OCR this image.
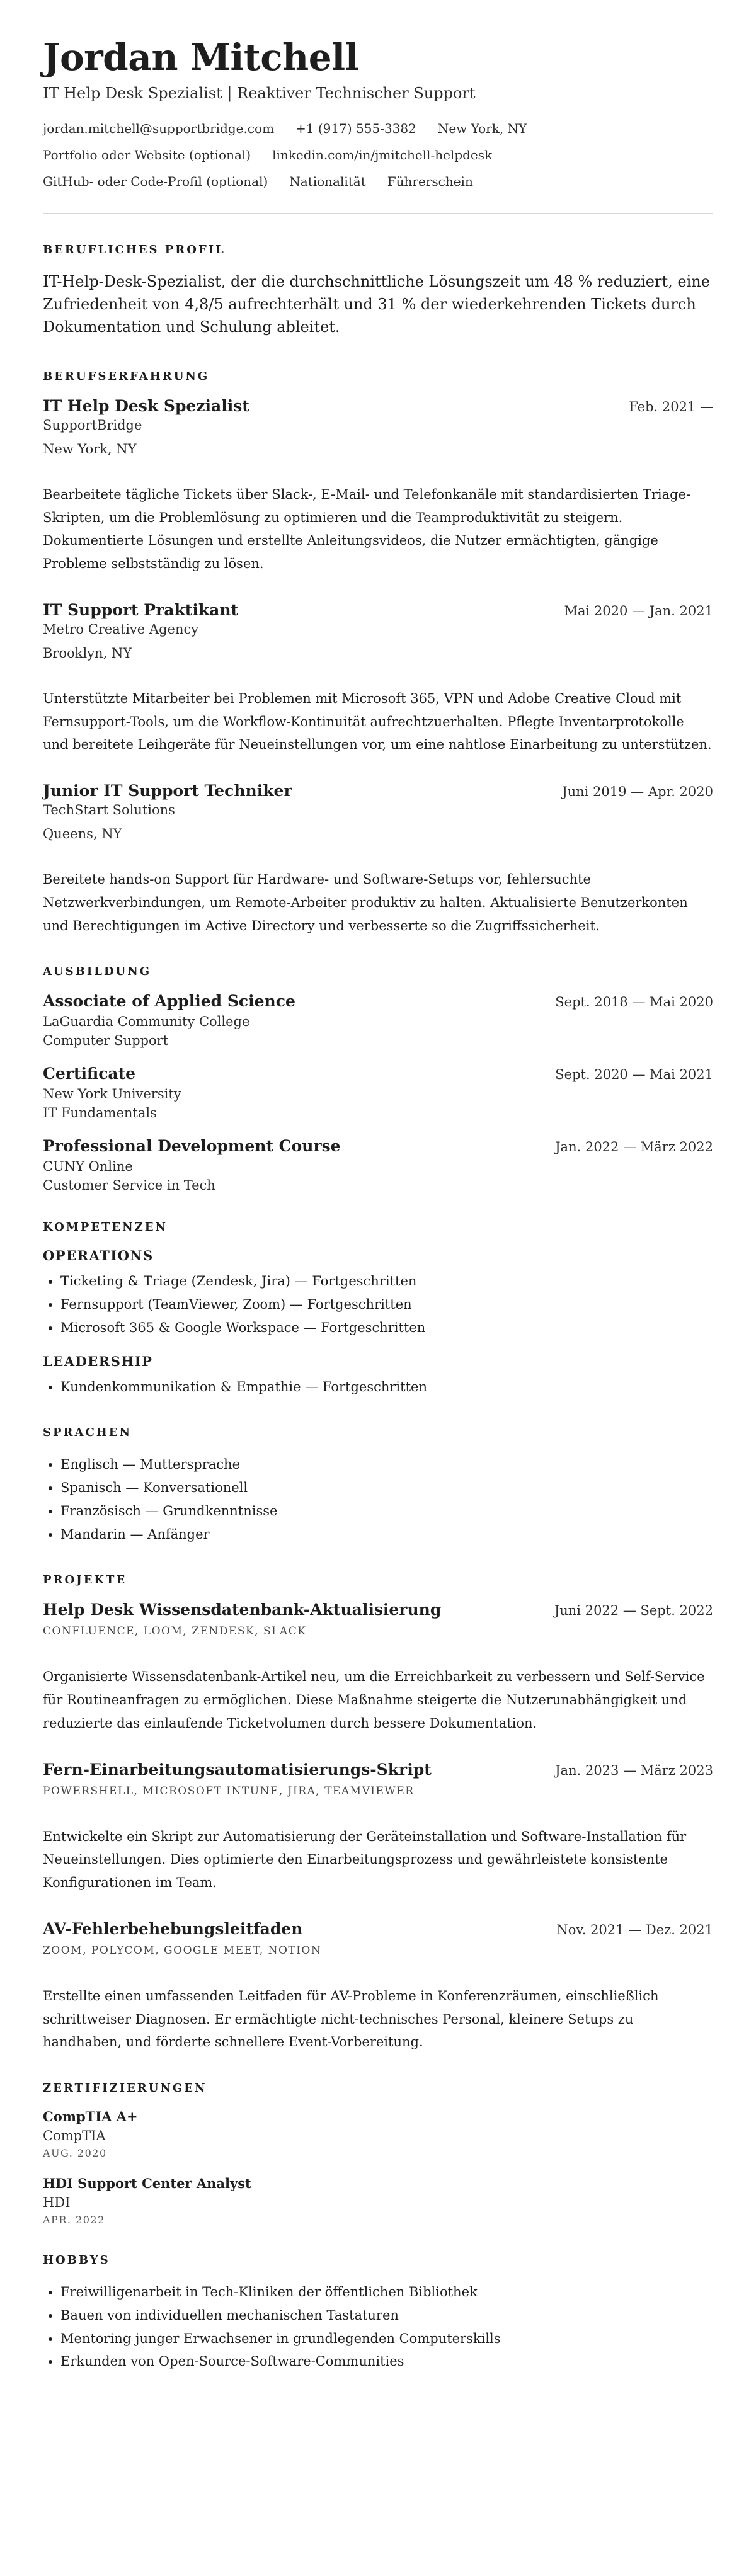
Jordan Mitchell
IT Help Desk Spezialist | Reaktiver Technischer Support
jordan.mitchell@supportbridge.com +1 (917) 555-3382 New York, NY
Portfolio oder Website (optional) linkedin.com/in/jmitchell-helpdesk
GitHub- oder Code-Profil (optional) Nationalität Führerschein
BERUFLICHES PROFIL
IT-Help-Desk-Spezialist, der die durchschnittliche Lösungszeit um 48 % reduziert, eine Zufriedenheit von 4,8/5 aufrechterhält und 31 % der wiederkehrenden Tickets durch Dokumentation und Schulung ableitet.
BERUFSERFAHRUNG
IT Help Desk Spezialist	Feb. 2021 —
SupportBridge
New York, NY
Bearbeitete tägliche Tickets über Slack-, E-Mail- und Telefonkanäle mit standardisierten Triage-Skripten, um die Problemlösung zu optimieren und die Teamproduktivität zu steigern. Dokumentierte Lösungen und erstellte Anleitungsvideos, die Nutzer ermächtigten, gängige Probleme selbstständig zu lösen.
IT Support Praktikant	Mai 2020 — Jan. 2021
Metro Creative Agency
Brooklyn, NY
Unterstützte Mitarbeiter bei Problemen mit Microsoft 365, VPN und Adobe Creative Cloud mit Fernsupport-Tools, um die Workflow-Kontinuität aufrechtzuerhalten. Pflegte Inventarprotokolle und bereitete Leihgeräte für Neueinstellungen vor, um eine nahtlose Einarbeitung zu unterstützen.
Junior IT Support Techniker	Juni 2019 — Apr. 2020
TechStart Solutions
Queens, NY
Bereitete hands-on Support für Hardware- und Software-Setups vor, fehlersuchte Netzwerkverbindungen, um Remote-Arbeiter produktiv zu halten. Aktualisierte Benutzerkonten und Berechtigungen im Active Directory und verbesserte so die Zugriffssicherheit.
AUSBILDUNG
Associate of Applied Science	Sept. 2018 — Mai 2020
LaGuardia Community College
Computer Support
Certificate	Sept. 2020 — Mai 2021
New York University
IT Fundamentals
Professional Development Course	Jan. 2022 — März 2022
CUNY Online
Customer Service in Tech
KOMPETENZEN
OPERATIONS
• Ticketing & Triage (Zendesk, Jira) — Fortgeschritten
• Fernsupport (TeamViewer, Zoom) — Fortgeschritten
• Microsoft 365 & Google Workspace — Fortgeschritten
LEADERSHIP
• Kundenkommunikation & Empathie — Fortgeschritten
SPRACHEN
• Englisch — Muttersprache
• Spanisch — Konversationell
• Französisch — Grundkenntnisse
• Mandarin — Anfänger
PROJEKTE
Help Desk Wissensdatenbank-Aktualisierung	Juni 2022 — Sept. 2022
CONFLUENCE, LOOM, ZENDESK, SLACK
Organisierte Wissensdatenbank-Artikel neu, um die Erreichbarkeit zu verbessern und Self-Service für Routineanfragen zu ermöglichen. Diese Maßnahme steigerte die Nutzerunabhängigkeit und reduzierte das einlaufende Ticketvolumen durch bessere Dokumentation.
Fern-Einarbeitungsautomatisierungs-Skript	Jan. 2023 — März 2023
POWERSHELL, MICROSOFT INTUNE, JIRA, TEAMVIEWER
Entwickelte ein Skript zur Automatisierung der Geräteinstallation und Software-Installation für Neueinstellungen. Dies optimierte den Einarbeitungsprozess und gewährleistete konsistente Konfigurationen im Team.
AV-Fehlerbehebungsleitfaden	Nov. 2021 — Dez. 2021
ZOOM, POLYCOM, GOOGLE MEET, NOTION
Erstellte einen umfassenden Leitfaden für AV-Probleme in Konferenzräumen, einschließlich schrittweiser Diagnosen. Er ermächtigte nicht-technisches Personal, kleinere Setups zu handhaben, und förderte schnellere Event-Vorbereitung.
ZERTIFIZIERUNGEN
CompTIA A+
CompTIA
AUG. 2020
HDI Support Center Analyst
HDI
APR. 2022
HOBBYS
• Freiwilligenarbeit in Tech-Kliniken der öffentlichen Bibliothek
• Bauen von individuellen mechanischen Tastaturen
• Mentoring junger Erwachsener in grundlegenden Computerskills
• Erkunden von Open-Source-Software-Communities
